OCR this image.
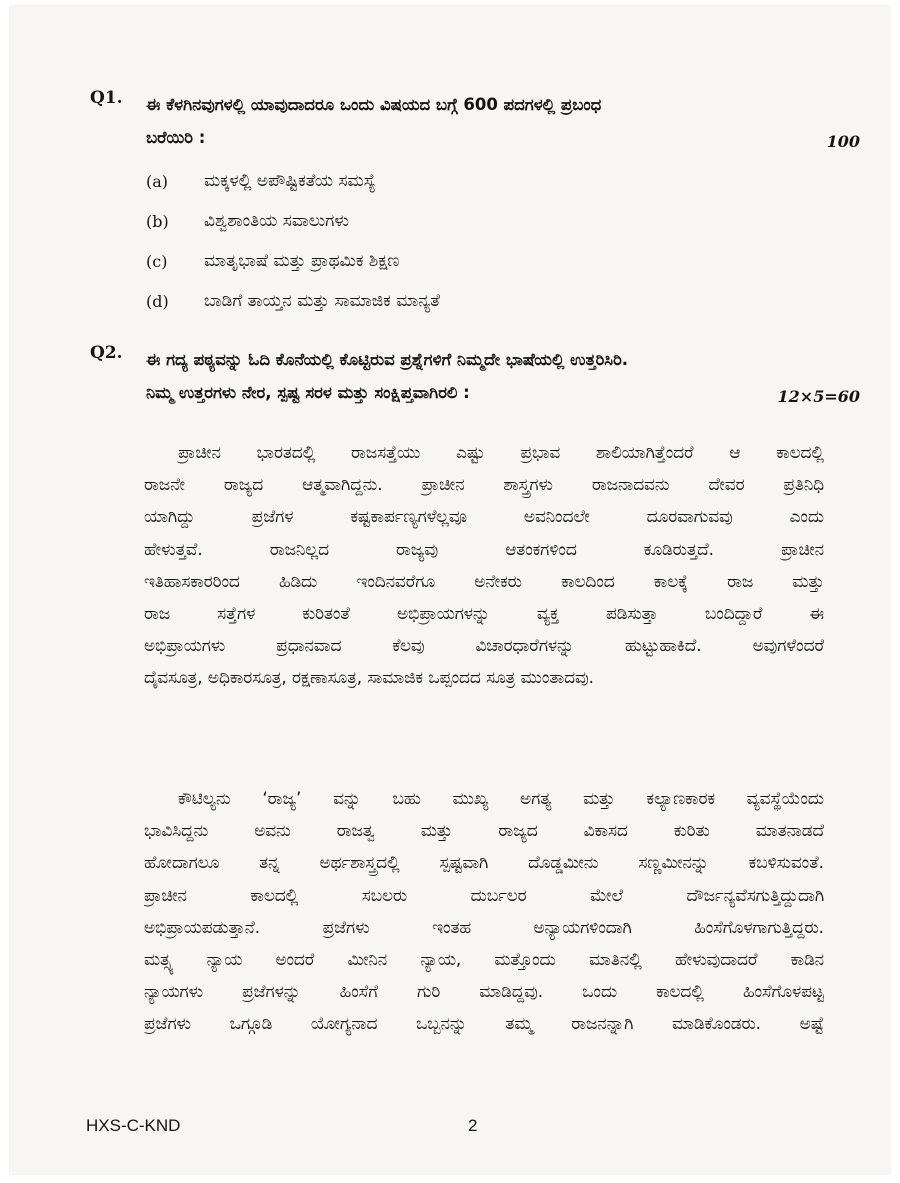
Q1. ಈ ಕೆಳಗಿನವುಗಳಲ್ಲಿ ಯಾವುದಾದರೂ ಒಂದು ವಿಷಯದ ಬಗ್ಗೆ 600 ಪದಗಳಲ್ಲಿ ಪ್ರಬಂಧ
ಬರೆಯಿರಿ :	100
(a)	ಮಕ್ಕಳಲ್ಲಿ ಅಪೌಷ್ಟಿಕತೆಯ ಸಮಸ್ಯೆ
(b)	ವಿಶ್ವಶಾಂತಿಯ ಸವಾಲುಗಳು
(c)	ಮಾತೃಭಾಷೆ ಮತ್ತು ಪ್ರಾಥಮಿಕ ಶಿಕ್ಷಣ
(d)	ಬಾಡಿಗೆ ತಾಯ್ತನ ಮತ್ತು ಸಾಮಾಜಿಕ ಮಾನ್ಯತೆ
Q2. ಈ ಗದ್ಯ ಪಠ್ಯವನ್ನು ಓದಿ ಕೊನೆಯಲ್ಲಿ ಕೊಟ್ಟಿರುವ ಪ್ರಶ್ನೆಗಳಿಗೆ ನಿಮ್ಮದೇ ಭಾಷೆಯಲ್ಲಿ ಉತ್ತರಿಸಿರಿ.
ನಿಮ್ಮ ಉತ್ತರಗಳು ನೇರ, ಸ್ಪಷ್ಟ ಸರಳ ಮತ್ತು ಸಂಕ್ಷಿಪ್ತವಾಗಿರಲಿ :	12×5=60
ಪ್ರಾಚೀನ ಭಾರತದಲ್ಲಿ ರಾಜಸತ್ತೆಯು ಎಷ್ಟು ಪ್ರಭಾವ ಶಾಲಿಯಾಗಿತ್ತೆಂದರೆ ಆ ಕಾಲದಲ್ಲಿ
ರಾಜನೇ ರಾಜ್ಯದ ಆತ್ಮವಾಗಿದ್ದನು. ಪ್ರಾಚೀನ ಶಾಸ್ತ್ರಗಳು ರಾಜನಾದವನು ದೇವರ ಪ್ರತಿನಿಧಿ
ಯಾಗಿದ್ದು ಪ್ರಜೆಗಳ ಕಷ್ಟಕಾರ್ಪಣ್ಯಗಳೆಲ್ಲವೂ ಅವನಿಂದಲೇ ದೂರವಾಗುವವು ಎಂದು
ಹೇಳುತ್ತವೆ. ರಾಜನಿಲ್ಲದ ರಾಜ್ಯವು ಆತಂಕಗಳಿಂದ ಕೂಡಿರುತ್ತದೆ. ಪ್ರಾಚೀನ
ಇತಿಹಾಸಕಾರರಿಂದ ಹಿಡಿದು ಇಂದಿನವರೆಗೂ ಅನೇಕರು ಕಾಲದಿಂದ ಕಾಲಕ್ಕೆ ರಾಜ ಮತ್ತು
ರಾಜ ಸತ್ತೆಗಳ ಕುರಿತಂತೆ ಅಭಿಪ್ರಾಯಗಳನ್ನು ವ್ಯಕ್ತ ಪಡಿಸುತ್ತಾ ಬಂದಿದ್ದಾರೆ ಈ
ಅಭಿಪ್ರಾಯಗಳು ಪ್ರಧಾನವಾದ ಕೆಲವು ವಿಚಾರಧಾರೆಗಳನ್ನು ಹುಟ್ಟುಹಾಕಿದೆ. ಅವುಗಳೆಂದರೆ
ದೈವಸೂತ್ರ, ಅಧಿಕಾರಸೂತ್ರ, ರಕ್ಷಣಾಸೂತ್ರ, ಸಾಮಾಜಿಕ ಒಪ್ಪಂದದ ಸೂತ್ರ ಮುಂತಾದವು.
ಕೌಟಿಲ್ಯನು ‘ರಾಜ್ಯ’ ವನ್ನು ಬಹು ಮುಖ್ಯ ಅಗತ್ಯ ಮತ್ತು ಕಲ್ಯಾಣಕಾರಕ ವ್ಯವಸ್ಥೆಯೆಂದು
ಭಾವಿಸಿದ್ದನು ಅವನು ರಾಜತ್ವ ಮತ್ತು ರಾಜ್ಯದ ವಿಕಾಸದ ಕುರಿತು ಮಾತನಾಡದೆ
ಹೋದಾಗಲೂ ತನ್ನ ಅರ್ಥಶಾಸ್ತ್ರದಲ್ಲಿ ಸ್ಪಷ್ಟವಾಗಿ ದೊಡ್ಡಮೀನು ಸಣ್ಣಮೀನನ್ನು ಕಬಳಿಸುವಂತೆ.
ಪ್ರಾಚೀನ ಕಾಲದಲ್ಲಿ ಸಬಲರು ದುರ್ಬಲರ ಮೇಲೆ ದೌರ್ಜನ್ಯವೆಸಗುತ್ತಿದ್ದುದಾಗಿ
ಅಭಿಪ್ರಾಯಪಡುತ್ತಾನೆ. ಪ್ರಜೆಗಳು ಇಂತಹ ಅನ್ಯಾಯಗಳಿಂದಾಗಿ ಹಿಂಸೆಗೊಳಗಾಗುತ್ತಿದ್ದರು.
ಮತ್ಸ್ಯ ನ್ಯಾಯ ಅಂದರೆ ಮೀನಿನ ನ್ಯಾಯ, ಮತ್ತೊಂದು ಮಾತಿನಲ್ಲಿ ಹೇಳುವುದಾದರೆ ಕಾಡಿನ
ನ್ಯಾಯಗಳು ಪ್ರಜೆಗಳನ್ನು ಹಿಂಸೆಗೆ ಗುರಿ ಮಾಡಿದ್ದವು. ಒಂದು ಕಾಲದಲ್ಲಿ ಹಿಂಸೆಗೊಳಪಟ್ಟ
ಪ್ರಜೆಗಳು ಒಗ್ಗೂಡಿ ಯೋಗ್ಯನಾದ ಒಬ್ಬನನ್ನು ತಮ್ಮ ರಾಜನನ್ನಾಗಿ ಮಾಡಿಕೊಂಡರು. ಅಷ್ಟೆ
HXS-C-KND	2
